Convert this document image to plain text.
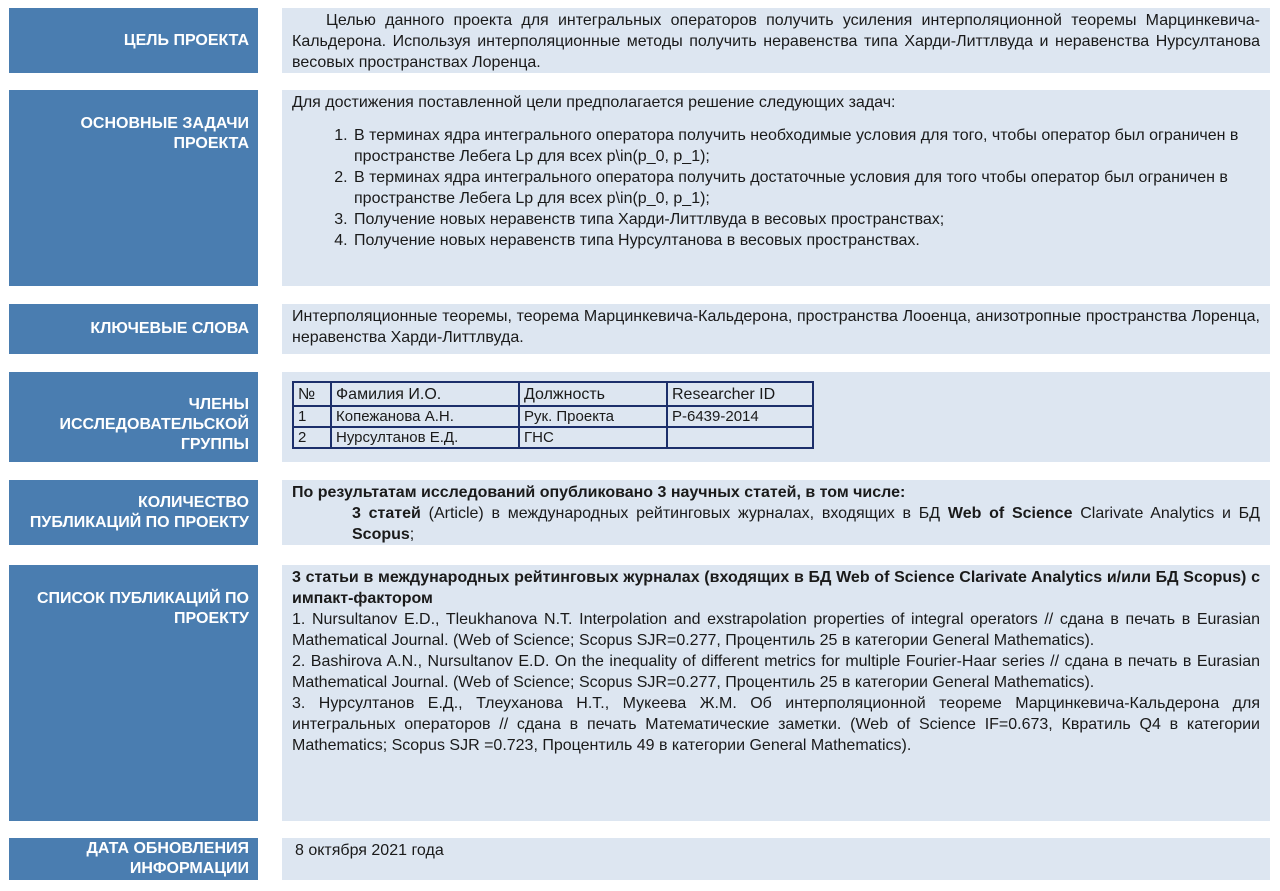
ЦЕЛЬ ПРОЕКТА
Целью данного проекта для интегральных операторов получить усиления интерполяционной теоремы Марцинкевича-Кальдерона. Используя интерполяционные методы получить неравенства типа Харди-Литтлвуда и неравенства Нурсултанова весовых пространствах Лоренца.
ОСНОВНЫЕ ЗАДАЧИ
ПРОЕКТА
Для достижения поставленной цели предполагается решение следующих задач:
1. В терминах ядра интегрального оператора получить необходимые условия для того, чтобы оператор был ограничен в пространстве Лебега Lp для всех p\in(p_0, p_1);
2. В терминах ядра интегрального оператора получить достаточные условия для того чтобы оператор был ограничен в пространстве Лебега Lp для всех p\in(p_0, p_1);
3. Получение новых неравенств типа Харди-Литтлвуда в весовых пространствах;
4. Получение новых неравенств типа Нурсултанова в весовых пространствах.
КЛЮЧЕВЫЕ СЛОВА
Интерполяционные теоремы, теорема Марцинкевича-Кальдерона, пространства Лооенца, анизотропные пространства Лоренца, неравенства Харди-Литтлвуда.
ЧЛЕНЫ
ИССЛЕДОВАТЕЛЬСКОЙ
ГРУППЫ
№	Фамилия И.О.	Должность	Researcher ID
1	Копежанова А.Н.	Рук. Проекта	P-6439-2014
2	Нурсултанов Е.Д.	ГНС	
КОЛИЧЕСТВО
ПУБЛИКАЦИЙ ПО ПРОЕКТУ
По результатам исследований опубликовано 3 научных статей, в том числе:
3 статей (Article) в международных рейтинговых журналах, входящих в БД Web of Science Clarivate Analytics и БД Scopus;
СПИСОК ПУБЛИКАЦИЙ ПО
ПРОЕКТУ
3 статьи в международных рейтинговых журналах (входящих в БД Web of Science Clarivate Analytics и/или БД Scopus) с импакт-фактором
1. Nursultanov E.D., Tleukhanova N.T. Interpolation and exstrapolation properties of integral operators // сдана в печать в Eurasian Mathematical Journal. (Web of Science; Scopus SJR=0.277, Процентиль 25 в категории General Mathematics).
2. Bashirova A.N., Nursultanov E.D. On the inequality of different metrics for multiple Fourier-Haar series // сдана в печать в Eurasian Mathematical Journal. (Web of Science; Scopus SJR=0.277, Процентиль 25 в категории General Mathematics).
3. Нурсултанов Е.Д., Тлеуханова Н.Т., Мукеева Ж.М. Об интерполяционной теореме Марцинкевича-Кальдерона для интегральных операторов // сдана в печать Математические заметки. (Web of Science IF=0.673, Квратиль Q4 в категории Mathematics; Scopus SJR =0.723, Процентиль 49 в категории General Mathematics).
ДАТА ОБНОВЛЕНИЯ
ИНФОРМАЦИИ
8 октября 2021 года
